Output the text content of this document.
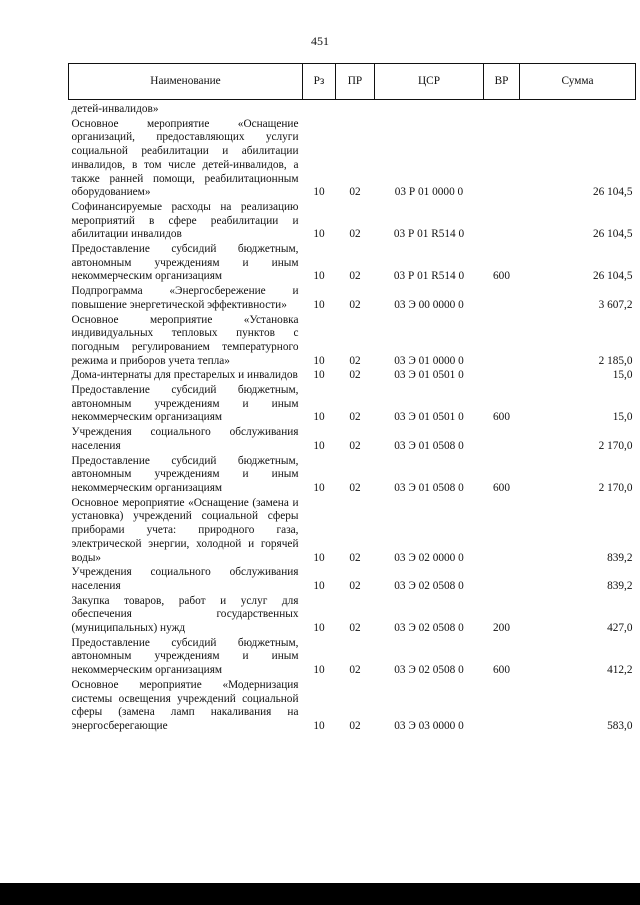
451
Наименование	Рз	ПР	ЦСР	ВР	Сумма
детей-инвалидов»					
Основное мероприятие «Оснащение организаций, предоставляющих услуги социальной реабилитации и абилитации инвалидов, в том числе детей-инвалидов, а также ранней помощи, реабилитационным оборудованием»	10	02	03 Р 01 0000 0		26 104,5
Софинансируемые расходы на реализацию мероприятий в сфере реабилитации и абилитации инвалидов	10	02	03 Р 01 R514 0		26 104,5
Предоставление субсидий бюджетным, автономным учреждениям и иным некоммерческим организациям	10	02	03 Р 01 R514 0	600	26 104,5
Подпрограмма «Энергосбережение и повышение энергетической эффективности»	10	02	03 Э 00 0000 0		3 607,2
Основное мероприятие «Установка индивидуальных тепловых пунктов с погодным регулированием температурного режима и приборов учета тепла»	10	02	03 Э 01 0000 0		2 185,0
Дома-интернаты для престарелых и инвалидов	10	02	03 Э 01 0501 0		15,0
Предоставление субсидий бюджетным, автономным учреждениям и иным некоммерческим организациям	10	02	03 Э 01 0501 0	600	15,0
Учреждения социального обслуживания населения	10	02	03 Э 01 0508 0		2 170,0
Предоставление субсидий бюджетным, автономным учреждениям и иным некоммерческим организациям	10	02	03 Э 01 0508 0	600	2 170,0
Основное мероприятие «Оснащение (замена и установка) учреждений социальной сферы приборами учета: природного газа, электрической энергии, холодной и горячей воды»	10	02	03 Э 02 0000 0		839,2
Учреждения социального обслуживания населения	10	02	03 Э 02 0508 0		839,2
Закупка товаров, работ и услуг для обеспечения государственных (муниципальных) нужд	10	02	03 Э 02 0508 0	200	427,0
Предоставление субсидий бюджетным, автономным учреждениям и иным некоммерческим организациям	10	02	03 Э 02 0508 0	600	412,2
Основное мероприятие «Модернизация системы освещения учреждений социальной сферы (замена ламп накаливания на энергосберегающие	10	02	03 Э 03 0000 0		583,0
